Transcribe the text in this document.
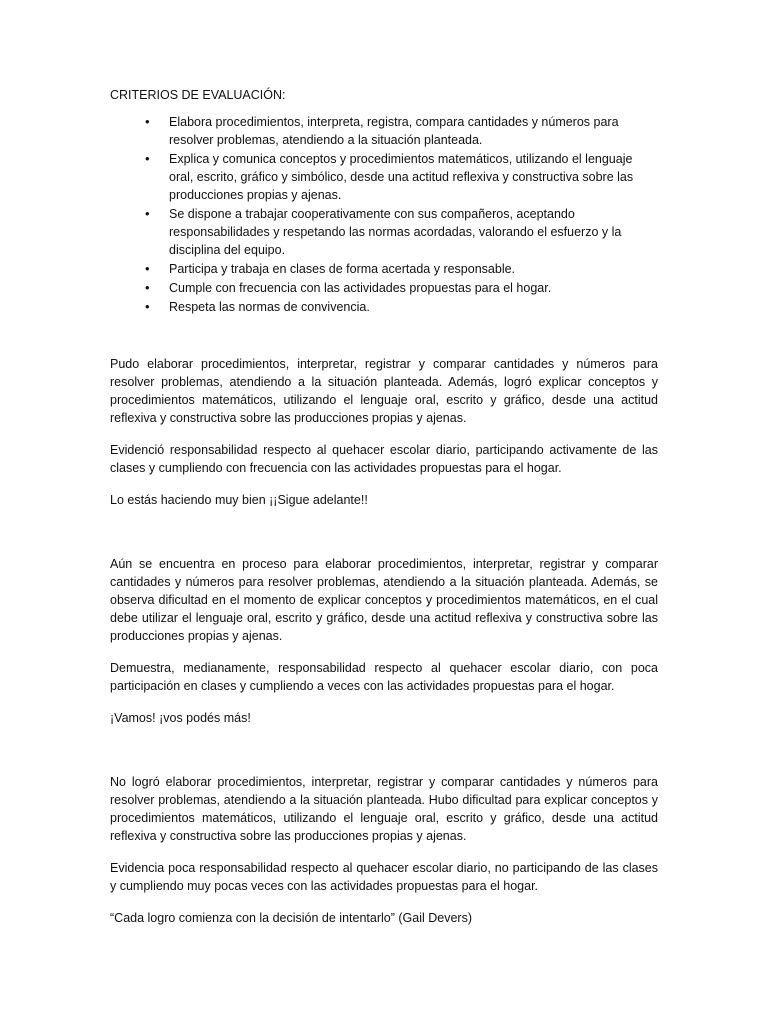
CRITERIOS DE EVALUACIÓN:

• Elabora procedimientos, interpreta, registra, compara cantidades y números para resolver problemas, atendiendo a la situación planteada.
• Explica y comunica conceptos y procedimientos matemáticos, utilizando el lenguaje oral, escrito, gráfico y simbólico, desde una actitud reflexiva y constructiva sobre las producciones propias y ajenas.
• Se dispone a trabajar cooperativamente con sus compañeros, aceptando responsabilidades y respetando las normas acordadas, valorando el esfuerzo y la disciplina del equipo.
• Participa y trabaja en clases de forma acertada y responsable.
• Cumple con frecuencia con las actividades propuestas para el hogar.
• Respeta las normas de convivencia.

Pudo elaborar procedimientos, interpretar, registrar y comparar cantidades y números para resolver problemas, atendiendo a la situación planteada. Además, logró explicar conceptos y procedimientos matemáticos, utilizando el lenguaje oral, escrito y gráfico, desde una actitud reflexiva y constructiva sobre las producciones propias y ajenas.

Evidenció responsabilidad respecto al quehacer escolar diario, participando activamente de las clases y cumpliendo con frecuencia con las actividades propuestas para el hogar.

Lo estás haciendo muy bien ¡¡Sigue adelante!!

Aún se encuentra en proceso para elaborar procedimientos, interpretar, registrar y comparar cantidades y números para resolver problemas, atendiendo a la situación planteada. Además, se observa dificultad en el momento de explicar conceptos y procedimientos matemáticos, en el cual debe utilizar el lenguaje oral, escrito y gráfico, desde una actitud reflexiva y constructiva sobre las producciones propias y ajenas.

Demuestra, medianamente, responsabilidad respecto al quehacer escolar diario, con poca participación en clases y cumpliendo a veces con las actividades propuestas para el hogar.

¡Vamos! ¡vos podés más!

No logró elaborar procedimientos, interpretar, registrar y comparar cantidades y números para resolver problemas, atendiendo a la situación planteada. Hubo dificultad para explicar conceptos y procedimientos matemáticos, utilizando el lenguaje oral, escrito y gráfico, desde una actitud reflexiva y constructiva sobre las producciones propias y ajenas.

Evidencia poca responsabilidad respecto al quehacer escolar diario, no participando de las clases y cumpliendo muy pocas veces con las actividades propuestas para el hogar.

“Cada logro comienza con la decisión de intentarlo” (Gail Devers)
